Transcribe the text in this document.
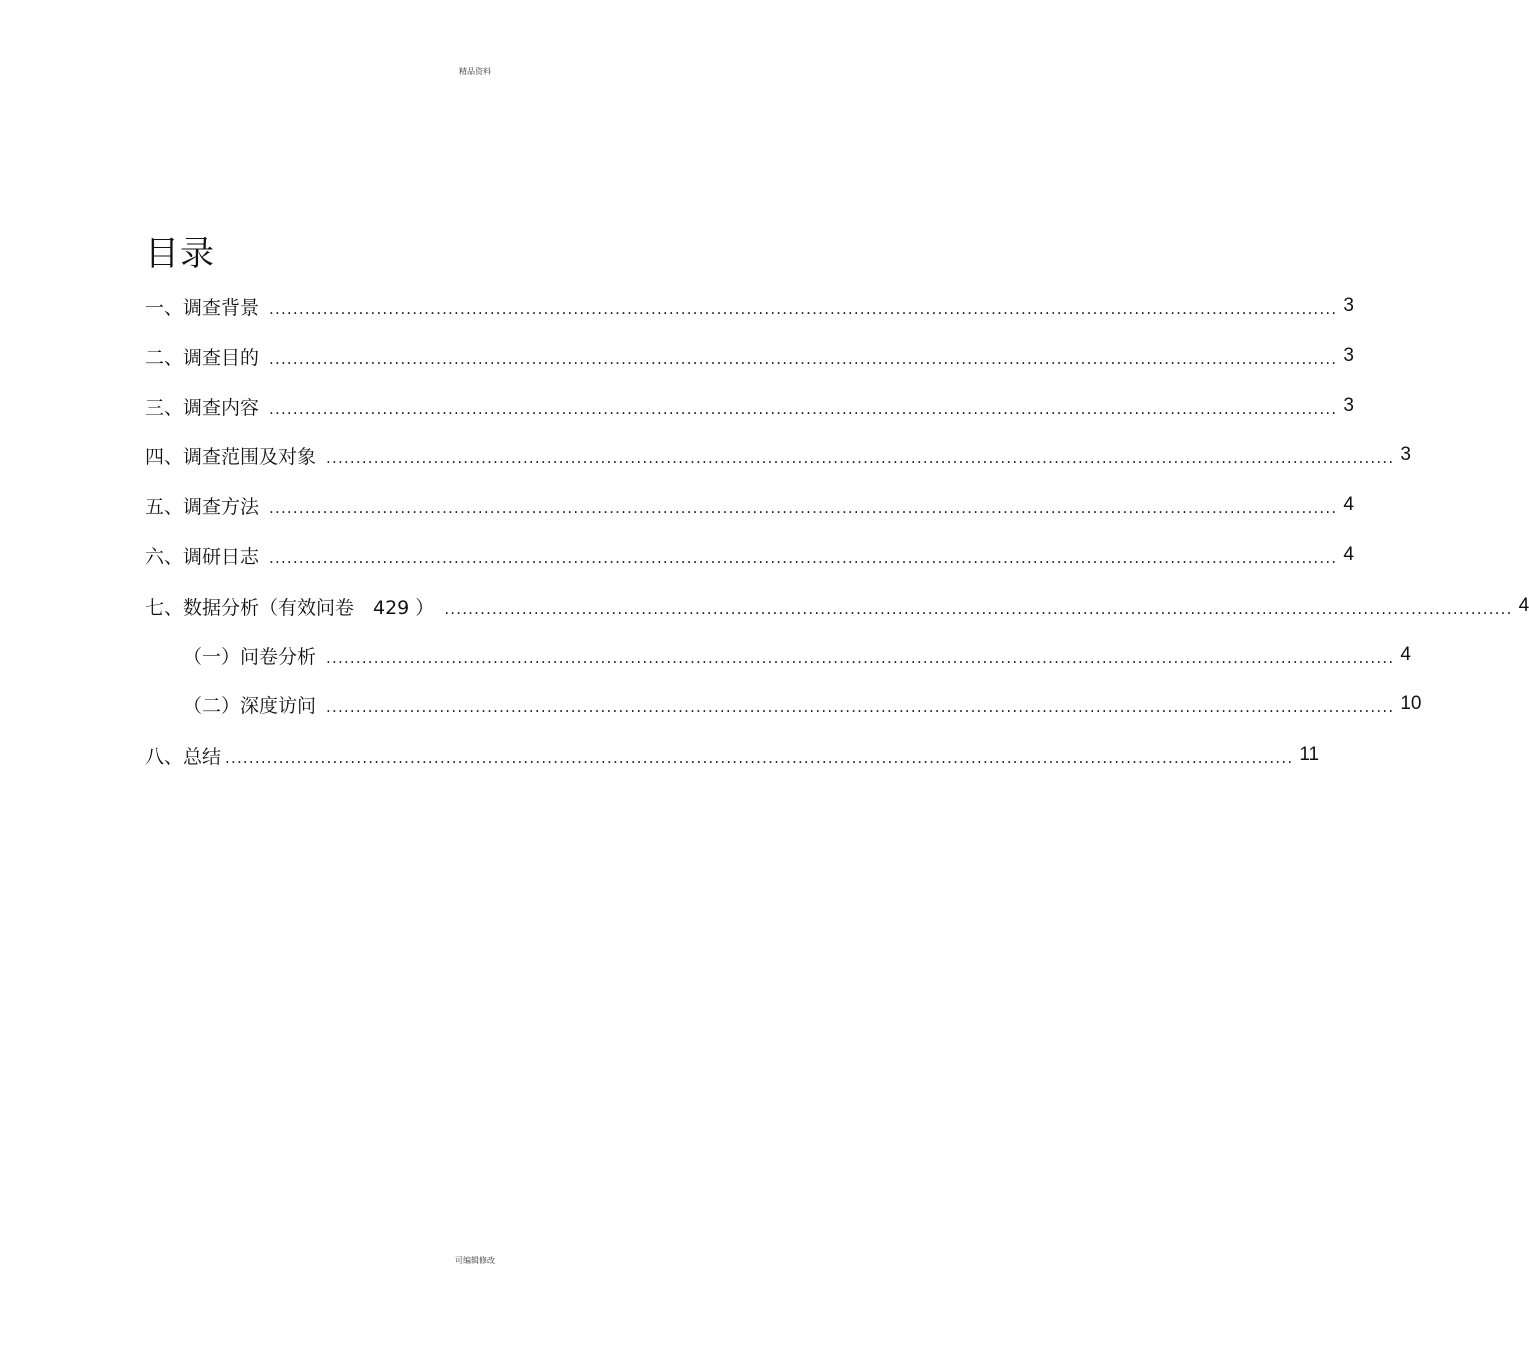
精品资料
目录
一、调查背景 ................................................................................................................................................................................... 3
二、调查目的 ................................................................................................................................................................................... 3
三、调查内容 ................................................................................................................................................................................... 3
四、调查范围及对象 ................................................................................................................................................................................... 3
五、调查方法 ................................................................................................................................................................................... 4
六、调研日志 ................................................................................................................................................................................... 4
七、数据分析（有效问卷　429 ） ................................................................................................................................................................................... 4
（一）问卷分析 ................................................................................................................................................................................... 4
（二）深度访问 ................................................................................................................................................................................... 10
八、总结 ................................................................................................................................................................................... 11
可编辑修改
